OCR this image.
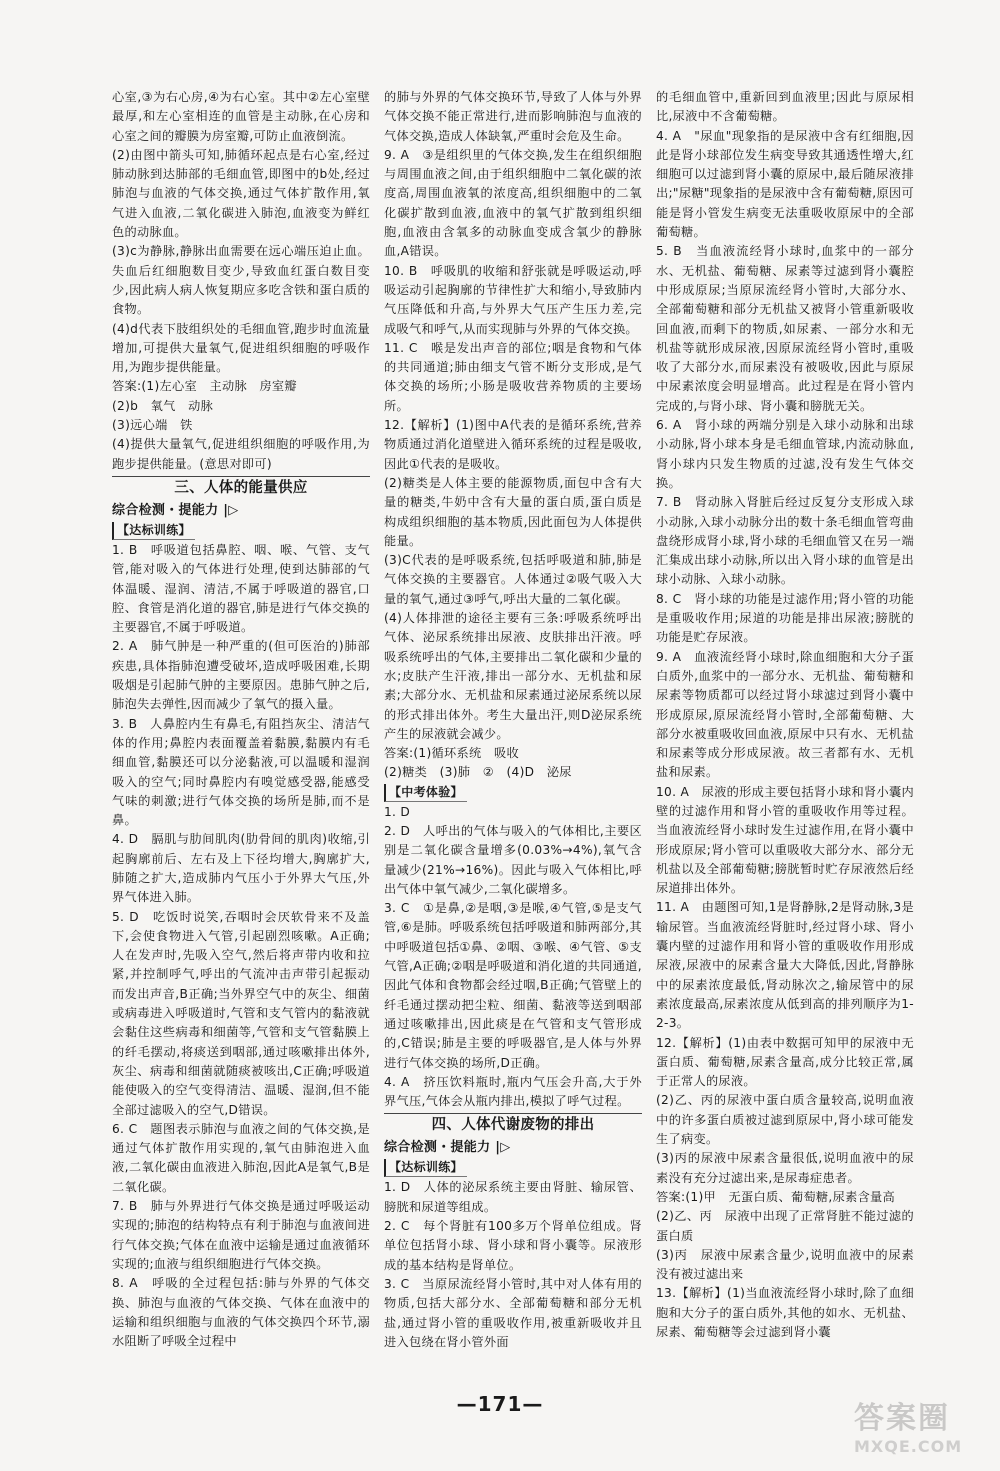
心室,③为右心房,④为右心室。其中②左心室壁最厚,和左心室相连的血管是主动脉,在心房和心室之间的瓣膜为房室瓣,可防止血液倒流。

(2)由图中箭头可知,肺循环起点是右心室,经过肺动脉到达肺部的毛细血管,即图中的b处,经过肺泡与血液的气体交换,通过气体扩散作用,氧气进入血液,二氧化碳进入肺泡,血液变为鲜红色的动脉血。

(3)c为静脉,静脉出血需要在远心端压迫止血。失血后红细胞数目变少,导致血红蛋白数目变少,因此病人病人恢复期应多吃含铁和蛋白质的食物。

(4)d代表下肢组织处的毛细血管,跑步时血流量增加,可提供大量氧气,促进组织细胞的呼吸作用,为跑步提供能量。

答案:(1)左心室　主动脉　房室瓣

(2)b　氧气　动脉

(3)远心端　铁

(4)提供大量氧气,促进组织细胞的呼吸作用,为跑步提供能量。(意思对即可)

三、人体的能量供应
综合检测・提能力 |▷
【达标训练】

1. B　呼吸道包括鼻腔、咽、喉、气管、支气管,能对吸入的气体进行处理,使到达肺部的气体温暖、湿润、清洁,不属于呼吸道的器官,口腔、食管是消化道的器官,肺是进行气体交换的主要器官,不属于呼吸道。

2. A　肺气肿是一种严重的(但可医治的)肺部疾患,具体指肺泡遭受破坏,造成呼吸困难,长期吸烟是引起肺气肿的主要原因。患肺气肿之后,肺泡失去弹性,因而减少了氧气的摄入量。

3. B　人鼻腔内生有鼻毛,有阻挡灰尘、清洁气体的作用;鼻腔内表面覆盖着黏膜,黏膜内有毛细血管,黏膜还可以分泌黏液,可以温暖和湿润吸入的空气;同时鼻腔内有嗅觉感受器,能感受气味的刺激;进行气体交换的场所是肺,而不是鼻。

4. D　膈肌与肋间肌肉(肋骨间的肌肉)收缩,引起胸廓前后、左右及上下径均增大,胸廓扩大,肺随之扩大,造成肺内气压小于外界大气压,外界气体进入肺。

5. D　吃饭时说笑,吞咽时会厌软骨来不及盖下,会使食物进入气管,引起剧烈咳嗽。A正确;人在发声时,先吸入空气,然后将声带内收和拉紧,并控制呼气,呼出的气流冲击声带引起振动而发出声音,B正确;当外界空气中的灰尘、细菌或病毒进入呼吸道时,气管和支气管内的黏液就会黏住这些病毒和细菌等,气管和支气管黏膜上的纤毛摆动,将痰送到咽部,通过咳嗽排出体外,灰尘、病毒和细菌就随痰被咳出,C正确;呼吸道能使吸入的空气变得清洁、温暖、湿润,但不能全部过滤吸入的空气,D错误。

6. C　题图表示肺泡与血液之间的气体交换,是通过气体扩散作用实现的,氧气由肺泡进入血液,二氧化碳由血液进入肺泡,因此A是氧气,B是二氧化碳。

7. B　肺与外界进行气体交换是通过呼吸运动实现的;肺泡的结构特点有利于肺泡与血液间进行气体交换;气体在血液中运输是通过血液循环实现的;血液与组织细胞进行气体交换。

8. A　呼吸的全过程包括:肺与外界的气体交换、肺泡与血液的气体交换、气体在血液中的运输和组织细胞与血液的气体交换四个环节,溺水阻断了呼吸全过程中

的肺与外界的气体交换环节,导致了人体与外界气体交换不能正常进行,进而影响肺泡与血液的气体交换,造成人体缺氧,严重时会危及生命。

9. A　③是组织里的气体交换,发生在组织细胞与周围血液之间,由于组织细胞中二氧化碳的浓度高,周围血液氧的浓度高,组织细胞中的二氧化碳扩散到血液,血液中的氧气扩散到组织细胞,血液由含氧多的动脉血变成含氧少的静脉血,A错误。

10. B　呼吸肌的收缩和舒张就是呼吸运动,呼吸运动引起胸廓的节律性扩大和缩小,导致肺内气压降低和升高,与外界大气压产生压力差,完成吸气和呼气,从而实现肺与外界的气体交换。

11. C　喉是发出声音的部位;咽是食物和气体的共同通道;肺由细支气管不断分支形成,是气体交换的场所;小肠是吸收营养物质的主要场所。

12.【解析】(1)图中A代表的是循环系统,营养物质通过消化道壁进入循环系统的过程是吸收,因此①代表的是吸收。

(2)糖类是人体主要的能源物质,面包中含有大量的糖类,牛奶中含有大量的蛋白质,蛋白质是构成组织细胞的基本物质,因此面包为人体提供能量。

(3)C代表的是呼吸系统,包括呼吸道和肺,肺是气体交换的主要器官。人体通过②吸气吸入大量的氧气,通过③呼气,呼出大量的二氧化碳。

(4)人体排泄的途径主要有三条:呼吸系统呼出气体、泌尿系统排出尿液、皮肤排出汗液。呼吸系统呼出的气体,主要排出二氧化碳和少量的水;皮肤产生汗液,排出一部分水、无机盐和尿素;大部分水、无机盐和尿素通过泌尿系统以尿的形式排出体外。考生大量出汗,则D泌尿系统产生的尿液就会减少。

答案:(1)循环系统　吸收

(2)糖类　(3)肺　②　(4)D　泌尿

【中考体验】

1. D

2. D　人呼出的气体与吸入的气体相比,主要区别是二氧化碳含量增多(0.03%→4%),氧气含量减少(21%→16%)。因此与吸入气体相比,呼出气体中氧气减少,二氧化碳增多。

3. C　①是鼻,②是咽,③是喉,④气管,⑤是支气管,⑥是肺。呼吸系统包括呼吸道和肺两部分,其中呼吸道包括①鼻、②咽、③喉、④气管、⑤支气管,A正确;②咽是呼吸道和消化道的共同通道,因此气体和食物都会经过咽,B正确;气管壁上的纤毛通过摆动把尘粒、细菌、黏液等送到咽部通过咳嗽排出,因此痰是在气管和支气管形成的,C错误;肺是主要的呼吸器官,是人体与外界进行气体交换的场所,D正确。

4. A　挤压饮料瓶时,瓶内气压会升高,大于外界气压,气体会从瓶内排出,模拟了呼气过程。

四、人体代谢废物的排出
综合检测・提能力 |▷
【达标训练】

1. D　人体的泌尿系统主要由肾脏、输尿管、膀胱和尿道等组成。

2. C　每个肾脏有100多万个肾单位组成。肾单位包括肾小球、肾小球和肾小囊等。尿液形成的基本结构是肾单位。

3. C　当原尿流经肾小管时,其中对人体有用的物质,包括大部分水、全部葡萄糖和部分无机盐,通过肾小管的重吸收作用,被重新吸收并且进入包绕在肾小管外面

的毛细血管中,重新回到血液里;因此与原尿相比,尿液中不含葡萄糖。

4. A　"尿血"现象指的是尿液中含有红细胞,因此是肾小球部位发生病变导致其通透性增大,红细胞可以过滤到肾小囊的原尿中,最后随尿液排出;"尿糖"现象指的是尿液中含有葡萄糖,原因可能是肾小管发生病变无法重吸收原尿中的全部葡萄糖。

5. B　当血液流经肾小球时,血浆中的一部分水、无机盐、葡萄糖、尿素等过滤到肾小囊腔中形成原尿;当原尿流经肾小管时,大部分水、全部葡萄糖和部分无机盐又被肾小管重新吸收回血液,而剩下的物质,如尿素、一部分水和无机盐等就形成尿液,因原尿流经肾小管时,重吸收了大部分水,而尿素没有被吸收,因此与原尿中尿素浓度会明显增高。此过程是在肾小管内完成的,与肾小球、肾小囊和膀胱无关。

6. A　肾小球的两端分别是入球小动脉和出球小动脉,肾小球本身是毛细血管球,内流动脉血,肾小球内只发生物质的过滤,没有发生气体交换。

7. B　肾动脉入肾脏后经过反复分支形成入球小动脉,入球小动脉分出的数十条毛细血管弯曲盘绕形成肾小球,肾小球的毛细血管又在另一端汇集成出球小动脉,所以出入肾小球的血管是出球小动脉、入球小动脉。

8. C　肾小球的功能是过滤作用;肾小管的功能是重吸收作用;尿道的功能是排出尿液;膀胱的功能是贮存尿液。

9. A　血液流经肾小球时,除血细胞和大分子蛋白质外,血浆中的一部分水、无机盐、葡萄糖和尿素等物质都可以经过肾小球滤过到肾小囊中形成原尿,原尿流经肾小管时,全部葡萄糖、大部分水被重吸收回血液,原尿中只有水、无机盐和尿素等成分形成尿液。故三者都有水、无机盐和尿素。

10. A　尿液的形成主要包括肾小球和肾小囊内壁的过滤作用和肾小管的重吸收作用等过程。当血液流经肾小球时发生过滤作用,在肾小囊中形成原尿;肾小管可以重吸收大部分水、部分无机盐以及全部葡萄糖;膀胱暂时贮存尿液然后经尿道排出体外。

11. A　由题图可知,1是肾静脉,2是肾动脉,3是输尿管。当血液流经肾脏时,经过肾小球、肾小囊内壁的过滤作用和肾小管的重吸收作用形成尿液,尿液中的尿素含量大大降低,因此,肾静脉中的尿素浓度最低,肾动脉次之,输尿管中的尿素浓度最高,尿素浓度从低到高的排列顺序为1-2-3。

12.【解析】(1)由表中数据可知甲的尿液中无蛋白质、葡萄糖,尿素含量高,成分比较正常,属于正常人的尿液。

(2)乙、丙的尿液中蛋白质含量较高,说明血液中的许多蛋白质被过滤到原尿中,肾小球可能发生了病变。

(3)丙的尿液中尿素含量很低,说明血液中的尿素没有充分过滤出来,是尿毒症患者。

答案:(1)甲　无蛋白质、葡萄糖,尿素含量高

(2)乙、丙　尿液中出现了正常肾脏不能过滤的蛋白质

(3)丙　尿液中尿素含量少,说明血液中的尿素没有被过滤出来

13.【解析】(1)当血液流经肾小球时,除了血细胞和大分子的蛋白质外,其他的如水、无机盐、尿素、葡萄糖等会过滤到肾小囊

—171—	答案圈
MXQE.COM
